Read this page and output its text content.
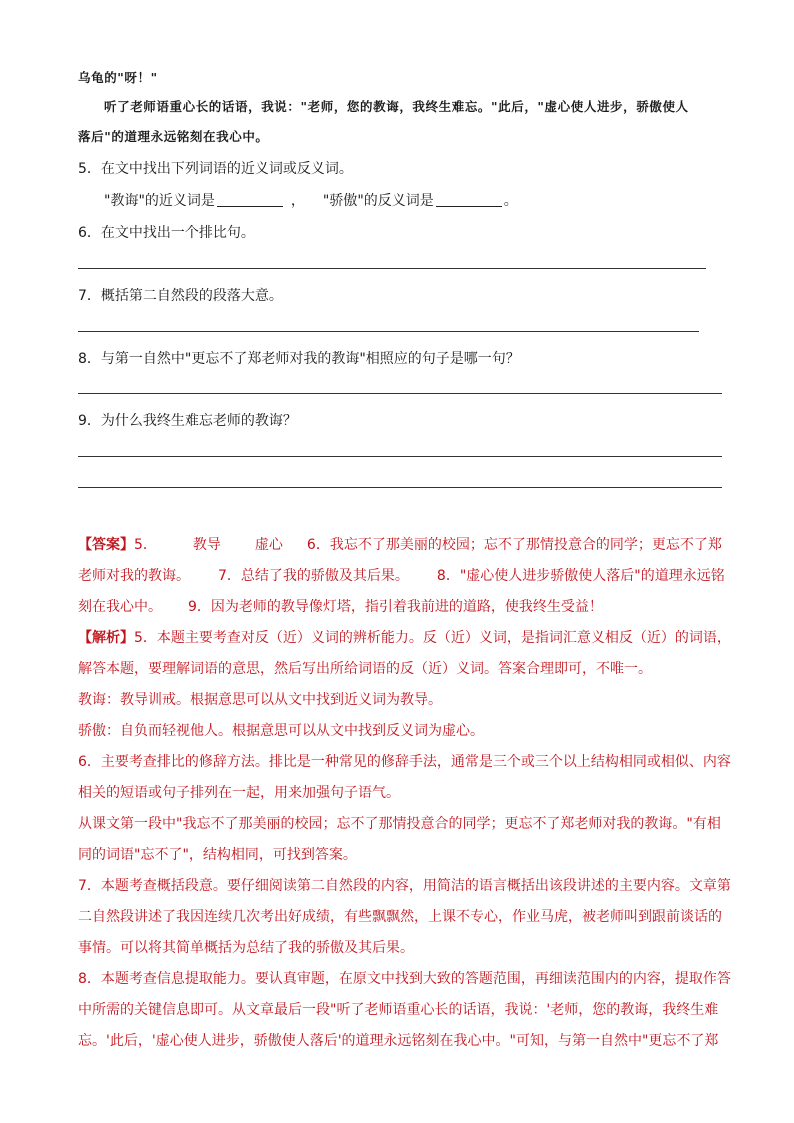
乌龟的"呀！"
听了老师语重心长的话语，我说："老师，您的教诲，我终生难忘。"此后，"虚心使人进步，骄傲使人
落后"的道理永远铭刻在我心中。
5．在文中找出下列词语的近义词或反义词。
"教诲"的近义词是	， "骄傲"的反义词是	。
6．在文中找出一个排比句。
7．概括第二自然段的段落大意。
8．与第一自然中"更忘不了郑老师对我的教诲"相照应的句子是哪一句？
9．为什么我终生难忘老师的教诲？
【答案】5．	教导 虚心 6．我忘不了那美丽的校园；忘不了那情投意合的同学；更忘不了郑
老师对我的教诲。 7．总结了我的骄傲及其后果。 8．"虚心使人进步骄傲使人落后"的道理永远铭
刻在我心中。 9．因为老师的教导像灯塔，指引着我前进的道路，使我终生受益！
【解析】5．本题主要考查对反（近）义词的辨析能力。反（近）义词，是指词汇意义相反（近）的词语，
解答本题，要理解词语的意思，然后写出所给词语的反（近）义词。答案合理即可，不唯一。
教诲：教导训戒。根据意思可以从文中找到近义词为教导。
骄傲：自负而轻视他人。根据意思可以从文中找到反义词为虚心。
6．主要考查排比的修辞方法。排比是一种常见的修辞手法，通常是三个或三个以上结构相同或相似、内容
相关的短语或句子排列在一起，用来加强句子语气。
从课文第一段中"我忘不了那美丽的校园；忘不了那情投意合的同学；更忘不了郑老师对我的教诲。"有相
同的词语"忘不了"，结构相同，可找到答案。
7．本题考查概括段意。要仔细阅读第二自然段的内容，用简洁的语言概括出该段讲述的主要内容。文章第
二自然段讲述了我因连续几次考出好成绩，有些飘飘然，上课不专心，作业马虎，被老师叫到跟前谈话的
事情。可以将其简单概括为总结了我的骄傲及其后果。
8．本题考查信息提取能力。要认真审题，在原文中找到大致的答题范围，再细读范围内的内容，提取作答
中所需的关键信息即可。从文章最后一段"听了老师语重心长的话语，我说：'老师，您的教诲，我终生难
忘。'此后，'虚心使人进步，骄傲使人落后'的道理永远铭刻在我心中。"可知，与第一自然中"更忘不了郑
